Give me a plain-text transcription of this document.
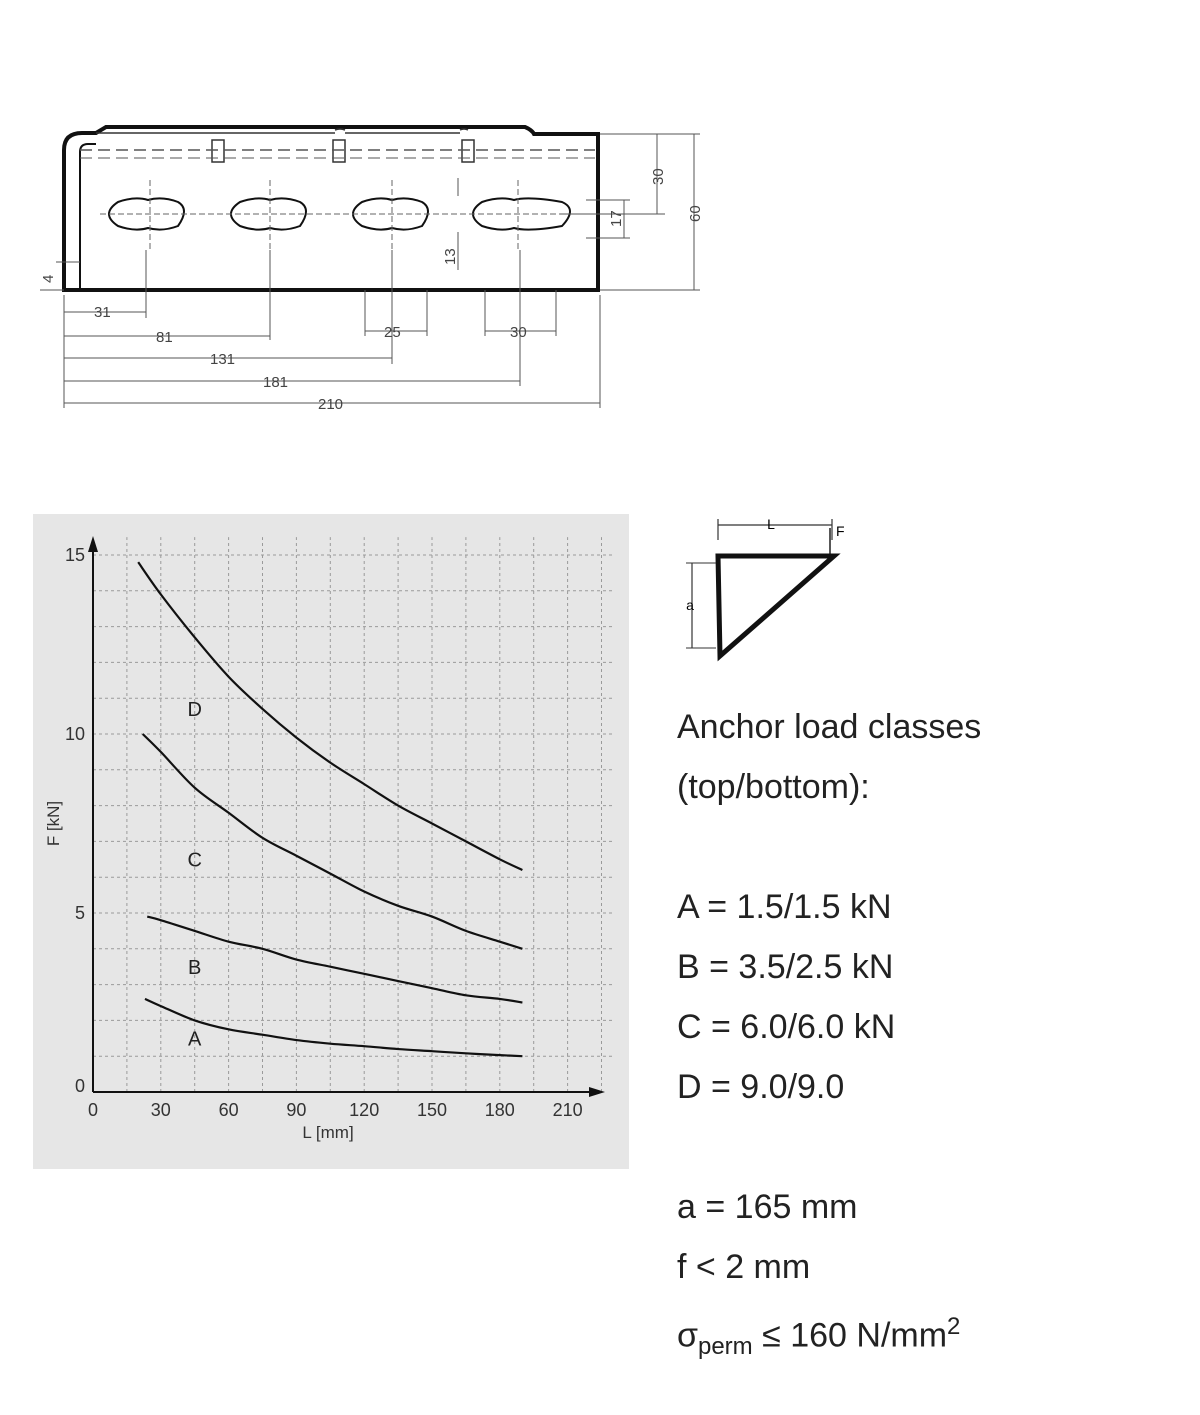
31
81
131
181
210
25	30
4
13
17
30
60
0	30	60	90 120 150 180 210
0
5
10
15
D
C
B
A
L [mm]
F [kN]
L	F
a
Anchor load classes
(top/bottom):
A = 1.5/1.5 kN
B = 3.5/2.5 kN
C = 6.0/6.0 kN
D = 9.0/9.0
a = 165 mm
f < 2 mm
$\sigma_{perm} \le 160$ $N/mm^2$
